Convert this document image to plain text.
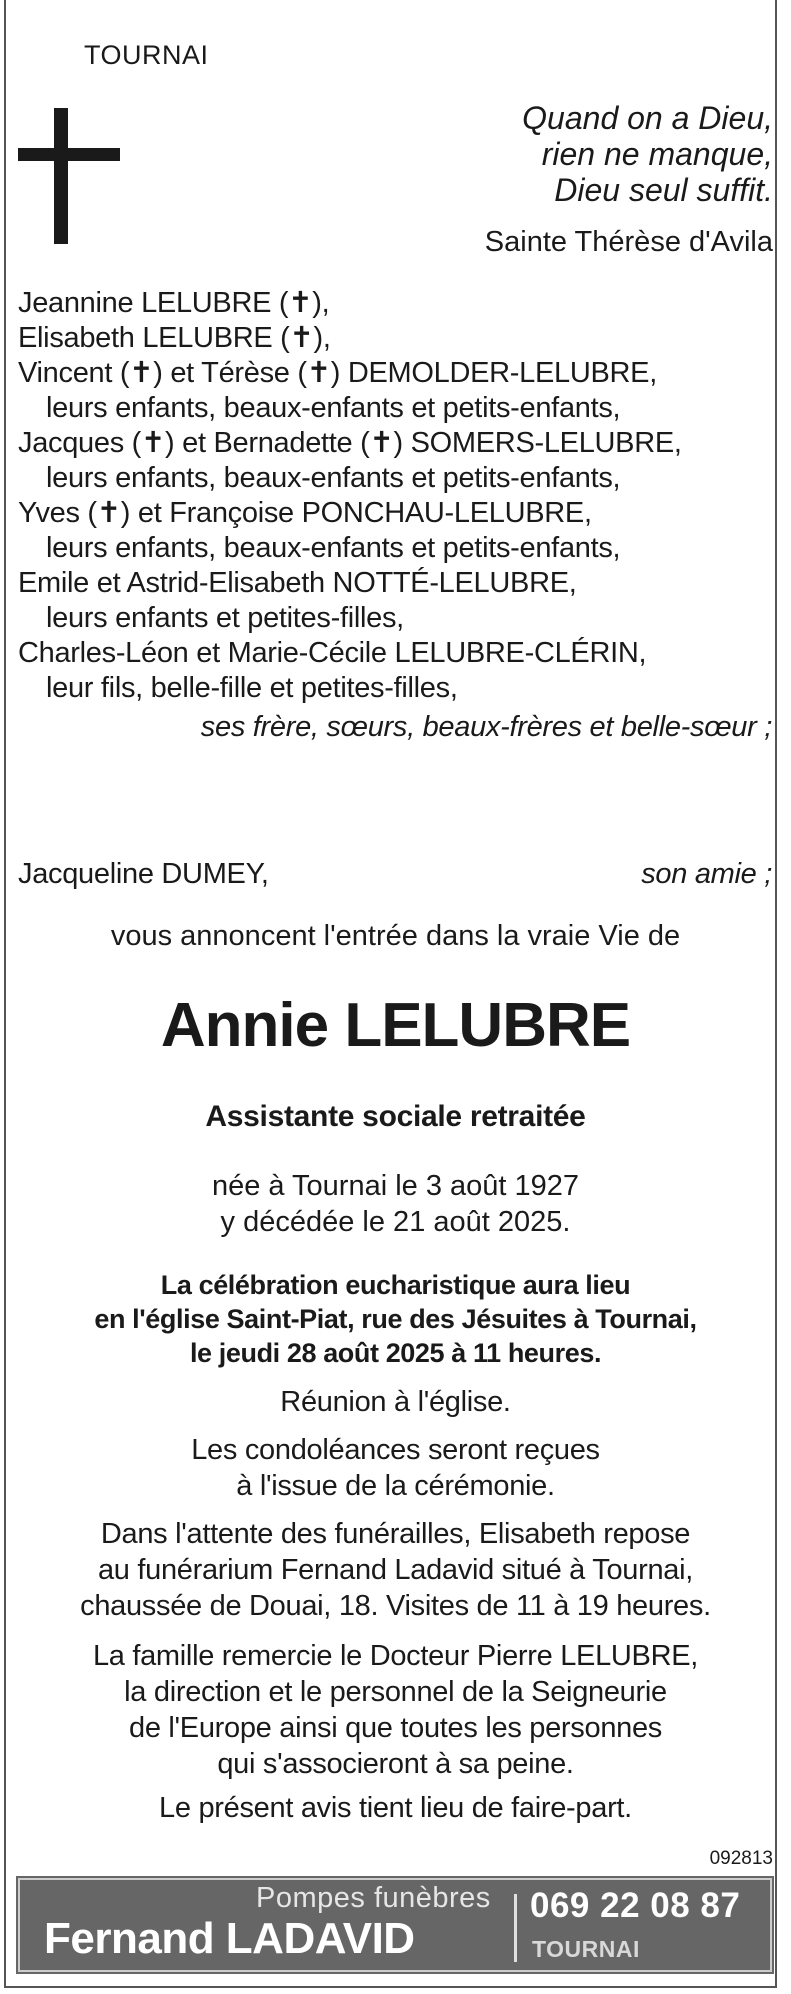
TOURNAI
Quand on a Dieu,
rien ne manque,
Dieu seul suffit.
Sainte Thérèse d'Avila
Jeannine LELUBRE (✝),
Elisabeth LELUBRE (✝),
Vincent (✝) et Térèse (✝) DEMOLDER-LELUBRE,
leurs enfants, beaux-enfants et petits-enfants,
Jacques (✝) et Bernadette (✝) SOMERS-LELUBRE,
leurs enfants, beaux-enfants et petits-enfants,
Yves (✝) et Françoise PONCHAU-LELUBRE,
leurs enfants, beaux-enfants et petits-enfants,
Emile et Astrid-Elisabeth NOTTÉ-LELUBRE,
leurs enfants et petites-filles,
Charles-Léon et Marie-Cécile LELUBRE-CLÉRIN,
leur fils, belle-fille et petites-filles,
ses frère, sœurs, beaux-frères et belle-sœur ;
Jacqueline DUMEY,	son amie ;
vous annoncent l'entrée dans la vraie Vie de
Annie LELUBRE
Assistante sociale retraitée
née à Tournai le 3 août 1927
y décédée le 21 août 2025.
La célébration eucharistique aura lieu
en l'église Saint-Piat, rue des Jésuites à Tournai,
le jeudi 28 août 2025 à 11 heures.
Réunion à l'église.
Les condoléances seront reçues
à l'issue de la cérémonie.
Dans l'attente des funérailles, Elisabeth repose
au funérarium Fernand Ladavid situé à Tournai,
chaussée de Douai, 18. Visites de 11 à 19 heures.
La famille remercie le Docteur Pierre LELUBRE,
la direction et le personnel de la Seigneurie
de l'Europe ainsi que toutes les personnes
qui s'associeront à sa peine.
Le présent avis tient lieu de faire-part.
092813
Pompes funèbres
Fernand LADAVID
069 22 08 87
TOURNAI
